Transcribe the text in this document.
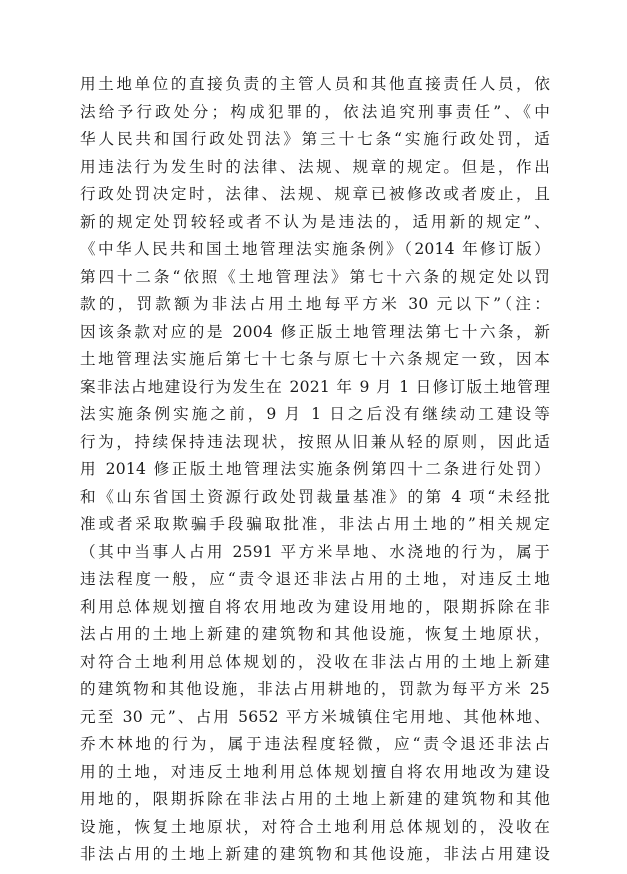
用土地单位的直接负责的主管人员和其他直接责任人员，依
法给予行政处分；构成犯罪的，依法追究刑事责任”、《中
华人民共和国行政处罚法》第三十七条“实施行政处罚，适
用违法行为发生时的法律、法规、规章的规定。但是，作出
行政处罚决定时，法律、法规、规章已被修改或者废止，且
新的规定处罚较轻或者不认为是违法的，适用新的规定”、
《中华人民共和国土地管理法实施条例》（2014 年修订版）
第四十二条“依照《土地管理法》第七十六条的规定处以罚
款的，罚款额为非法占用土地每平方米 30 元以下”（注：
因该条款对应的是 2004 修正版土地管理法第七十六条，新
土地管理法实施后第七十七条与原七十六条规定一致，因本
案非法占地建设行为发生在 2021 年 9 月 1 日修订版土地管理
法实施条例实施之前，9 月 1 日之后没有继续动工建设等
行为，持续保持违法现状，按照从旧兼从轻的原则，因此适
用 2014 修正版土地管理法实施条例第四十二条进行处罚）
和《山东省国土资源行政处罚裁量基准》的第 4 项“未经批
准或者采取欺骗手段骗取批准，非法占用土地的”相关规定
（其中当事人占用 2591 平方米旱地、水浇地的行为，属于
违法程度一般，应“责令退还非法占用的土地，对违反土地
利用总体规划擅自将农用地改为建设用地的，限期拆除在非
法占用的土地上新建的建筑物和其他设施，恢复土地原状，
对符合土地利用总体规划的，没收在非法占用的土地上新建
的建筑物和其他设施，非法占用耕地的，罚款为每平方米 25
元至 30 元”、占用 5652 平方米城镇住宅用地、其他林地、
乔木林地的行为，属于违法程度轻微，应“责令退还非法占
用的土地，对违反土地利用总体规划擅自将农用地改为建设
用地的，限期拆除在非法占用的土地上新建的建筑物和其他
设施，恢复土地原状，对符合土地利用总体规划的，没收在
非法占用的土地上新建的建筑物和其他设施，非法占用建设
